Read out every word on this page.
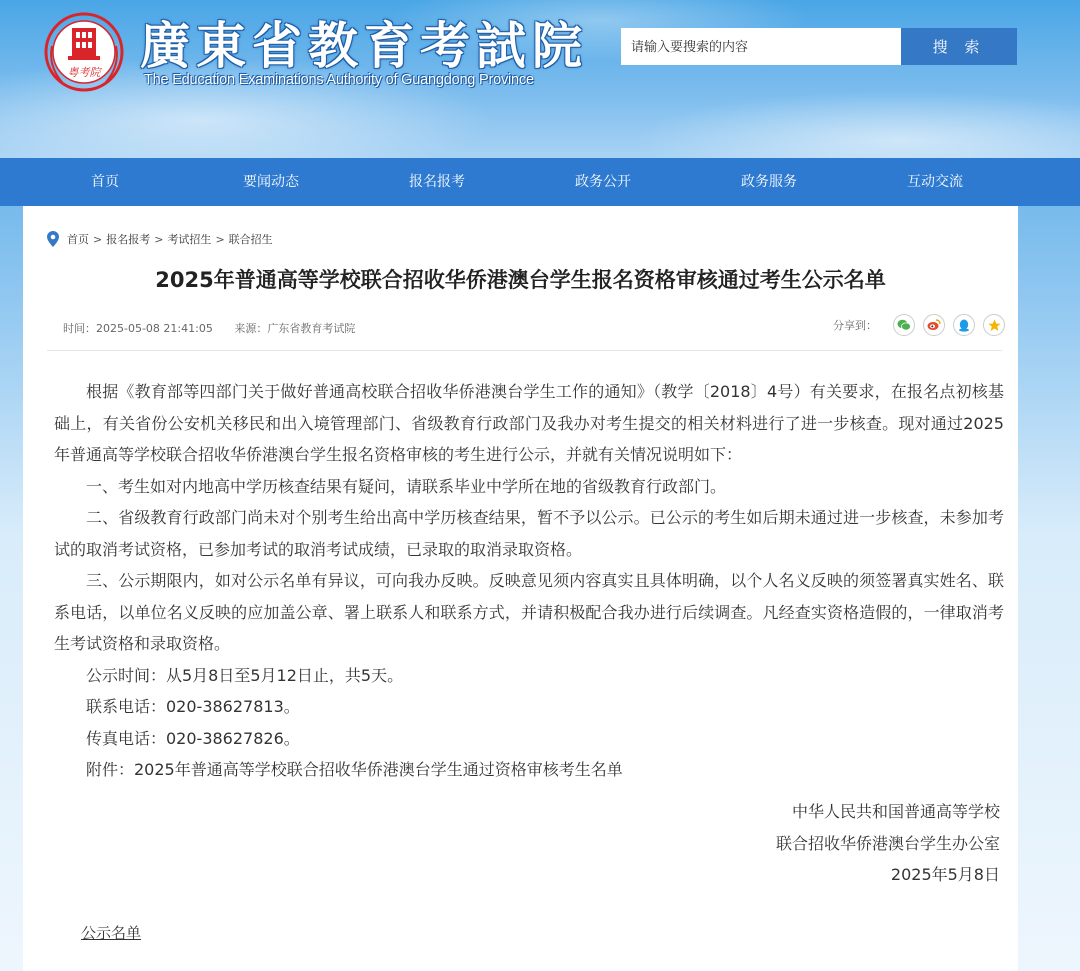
粤考院 廣東省教育考試院
The Education Examinations Authority of Guangdong Province
请输入要搜索的内容
搜 索
首页	要闻动态	报名报考	政务公开	政务服务	互动交流
首页 > 报名报考 > 考试招生 > 联合招生
2025年普通高等学校联合招收华侨港澳台学生报名资格审核通过考生公示名单
时间：2025-05-08 21:41:05 来源：广东省教育考试院	分享到：

根据《教育部等四部门关于做好普通高校联合招收华侨港澳台学生工作的通知》（教学〔2018〕4号）有关要求，在报名点初核基础上，有关省份公安机关移民和出入境管理部门、省级教育行政部门及我办对考生提交的相关材料进行了进一步核查。现对通过2025年普通高等学校联合招收华侨港澳台学生报名资格审核的考生进行公示，并就有关情况说明如下：

一、考生如对内地高中学历核查结果有疑问，请联系毕业中学所在地的省级教育行政部门。

二、省级教育行政部门尚未对个别考生给出高中学历核查结果，暂不予以公示。已公示的考生如后期未通过进一步核查，未参加考试的取消考试资格，已参加考试的取消考试成绩，已录取的取消录取资格。

三、公示期限内，如对公示名单有异议，可向我办反映。反映意见须内容真实且具体明确，以个人名义反映的须签署真实姓名、联系电话，以单位名义反映的应加盖公章、署上联系人和联系方式，并请积极配合我办进行后续调查。凡经查实资格造假的，一律取消考生考试资格和录取资格。

公示时间：从5月8日至5月12日止，共5天。

联系电话：020-38627813。

传真电话：020-38627826。

附件：2025年普通高等学校联合招收华侨港澳台学生通过资格审核考生名单

中华人民共和国普通高等学校
联合招收华侨港澳台学生办公室
2025年5月8日
公示名单
